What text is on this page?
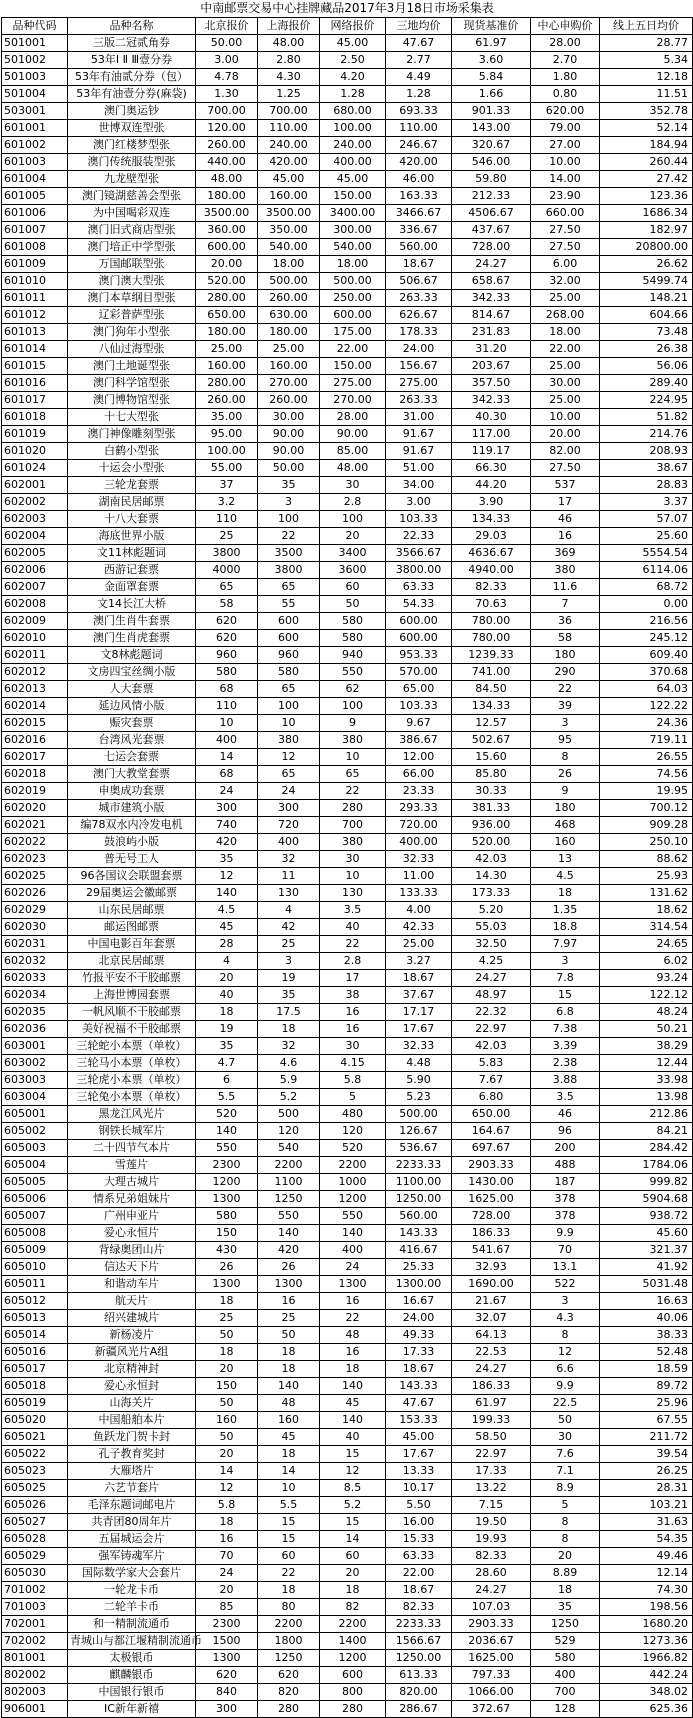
中南邮票交易中心挂牌藏品2017年3月18日市场采集表
品种代码	品种名称	北京报价	上海报价	网络报价	三地均价	现货基准价	中心申购价	线上五日均价
501001	三版二冠贰角券	50.00	48.00	45.00	47.67	61.97	28.00	28.77
501002	53年Ⅰ Ⅱ Ⅲ壹分券	3.00	2.80	2.50	2.77	3.60	2.70	5.34
501003	53年有油贰分券（包）	4.78	4.30	4.20	4.49	5.84	1.80	12.18
501004	53年有油壹分券(麻袋)	1.30	1.25	1.28	1.28	1.66	0.80	11.51
503001	澳门奥运钞	700.00	700.00	680.00	693.33	901.33	620.00	352.78
601001	世博双连型张	120.00	110.00	100.00	110.00	143.00	79.00	52.14
601002	澳门红楼梦型张	260.00	240.00	240.00	246.67	320.67	27.00	184.94
601003	澳门传统服装型张	440.00	420.00	400.00	420.00	546.00	10.00	260.44
601004	九龙壁型张	48.00	45.00	45.00	46.00	59.80	14.00	27.42
601005	澳门镜湖慈善会型张	180.00	160.00	150.00	163.33	212.33	23.90	123.36
601006	为中国喝彩双连	3500.00	3500.00	3400.00	3466.67	4506.67	660.00	1686.34
601007	澳门旧式商店型张	360.00	350.00	300.00	336.67	437.67	27.50	182.97
601008	澳门培正中学型张	600.00	540.00	540.00	560.00	728.00	27.50	20800.00
601009	万国邮联型张	20.00	18.00	18.00	18.67	24.27	6.00	26.62
601010	澳门澳大型张	520.00	500.00	500.00	506.67	658.67	32.00	5499.74
601011	澳门本草纲目型张	280.00	260.00	250.00	263.33	342.33	25.00	148.21
601012	辽彩普萨型张	650.00	630.00	600.00	626.67	814.67	268.00	604.66
601013	澳门狗年小型张	180.00	180.00	175.00	178.33	231.83	18.00	73.48
601014	八仙过海型张	25.00	25.00	22.00	24.00	31.20	22.00	26.38
601015	澳门土地诞型张	160.00	160.00	150.00	156.67	203.67	25.00	56.06
601016	澳门科学馆型张	280.00	270.00	275.00	275.00	357.50	30.00	289.40
601017	澳门博物馆型张	260.00	260.00	270.00	263.33	342.33	25.00	224.95
601018	十七大型张	35.00	30.00	28.00	31.00	40.30	10.00	51.82
601019	澳门神像雕刻型张	95.00	90.00	90.00	91.67	117.00	20.00	214.76
601020	白鹤小型张	100.00	90.00	85.00	91.67	119.17	82.00	208.93
601024	十运会小型张	55.00	50.00	48.00	51.00	66.30	27.50	38.67
602001	三轮龙套票	37	35	30	34.00	44.20	537	28.83
602002	湖南民居邮票	3.2	3	2.8	3.00	3.90	17	3.37
602003	十八大套票	110	100	100	103.33	134.33	46	57.07
602004	海底世界小版	25	22	20	22.33	29.03	16	25.60
602005	文11林彪题词	3800	3500	3400	3566.67	4636.67	369	5554.54
602006	西游记套票	4000	3800	3600	3800.00	4940.00	380	6114.06
602007	金面罩套票	65	65	60	63.33	82.33	11.6	68.72
602008	文14长江大桥	58	55	50	54.33	70.63	7	0.00
602009	澳门生肖牛套票	620	600	580	600.00	780.00	36	216.56
602010	澳门生肖虎套票	620	600	580	600.00	780.00	58	245.12
602011	文8林彪题词	960	960	940	953.33	1239.33	180	609.40
602012	文房四宝丝绸小版	580	580	550	570.00	741.00	290	370.68
602013	人大套票	68	65	62	65.00	84.50	22	64.03
602014	延边风情小版	110	100	100	103.33	134.33	39	122.22
602015	赈灾套票	10	10	9	9.67	12.57	3	24.36
602016	台湾风光套票	400	380	380	386.67	502.67	95	719.11
602017	七运会套票	14	12	10	12.00	15.60	8	26.55
602018	澳门大教堂套票	68	65	65	66.00	85.80	26	74.56
602019	申奥成功套票	24	24	22	23.33	30.33	9	19.95
602020	城市建筑小版	300	300	280	293.33	381.33	180	700.12
602021	编78双水内冷发电机	740	720	700	720.00	936.00	468	909.28
602022	鼓浪屿小版	420	400	380	400.00	520.00	160	250.10
602023	普无号工人	35	32	30	32.33	42.03	13	88.62
602025	96各国议会联盟套票	12	11	10	11.00	14.30	4.5	25.93
602026	29届奥运会徽邮票	140	130	130	133.33	173.33	18	131.62
602029	山东民居邮票	4.5	4	3.5	4.00	5.20	1.35	18.62
602030	邮运图邮票	45	42	40	42.33	55.03	18.8	314.54
602031	中国电影百年套票	28	25	22	25.00	32.50	7.97	24.65
602032	北京民居邮票	4	3	2.8	3.27	4.25	3	6.02
602033	竹报平安不干胶邮票	20	19	17	18.67	24.27	7.8	93.24
602034	上海世博园套票	40	35	38	37.67	48.97	15	122.12
602035	一帆风顺不干胶邮票	18	17.5	16	17.17	22.32	6.8	48.24
602036	美好祝福不干胶邮票	19	18	16	17.67	22.97	7.38	50.21
603001	三轮蛇小本票（单枚）	35	32	30	32.33	42.03	3.39	38.29
603002	三轮马小本票（单枚）	4.7	4.6	4.15	4.48	5.83	2.38	12.44
603003	三轮虎小本票（单枚）	6	5.9	5.8	5.90	7.67	3.88	33.98
603004	三轮兔小本票（单枚）	5.5	5.2	5	5.23	6.80	3.5	13.98
605001	黑龙江风光片	520	500	480	500.00	650.00	46	212.86
605002	钢铁长城军片	140	120	120	126.67	164.67	96	84.21
605003	二十四节气本片	550	540	520	536.67	697.67	200	284.42
605004	雪莲片	2300	2200	2200	2233.33	2903.33	488	1784.06
605005	大理古城片	1200	1100	1000	1100.00	1430.00	187	999.82
605006	情系兄弟姐妹片	1300	1250	1200	1250.00	1625.00	378	5904.68
605007	广州申亚片	580	550	550	560.00	728.00	378	938.72
605008	爱心永恒片	150	140	140	143.33	186.33	9.9	45.60
605009	背绿奥团山片	430	420	400	416.67	541.67	70	321.37
605010	信达天下片	26	26	24	25.33	32.93	13.1	41.92
605011	和谐动车片	1300	1300	1300	1300.00	1690.00	522	5031.48
605012	航天片	18	16	16	16.67	21.67	3	16.63
605013	绍兴建城片	25	25	22	24.00	32.07	4.3	40.06
605014	新杨凌片	50	50	48	49.33	64.13	8	38.33
605016	新疆风光片A组	18	18	16	17.33	22.53	12	52.48
605017	北京精神封	20	18	18	18.67	24.27	6.6	18.59
605018	爱心永恒封	150	140	140	143.33	186.33	9.9	89.72
605019	山海关片	50	48	45	47.67	61.97	22.5	25.96
605020	中国船舶本片	160	160	140	153.33	199.33	50	67.55
605021	鱼跃龙门贺卡封	50	45	40	45.00	58.50	30	211.72
605022	孔子教育奖封	20	18	15	17.67	22.97	7.6	39.54
605023	大雁塔片	14	14	12	13.33	17.33	7.1	26.25
605025	六艺节套片	12	10	8.5	10.17	13.22	8.9	28.31
605026	毛泽东题词邮电片	5.8	5.5	5.2	5.50	7.15	5	103.21
605027	共青团80周年片	18	15	15	16.00	19.50	8	31.63
605028	五届城运会片	16	15	14	15.33	19.93	8	54.35
605029	强军铸魂军片	70	60	60	63.33	82.33	20	49.46
605030	国际数学家大会套片	24	22	20	22.00	28.60	8.89	12.14
701002	一轮龙卡币	20	18	18	18.67	24.27	18	74.30
701003	二轮羊卡币	85	80	82	82.33	107.03	35	198.56
702001	和一精制流通币	2300	2200	2200	2233.33	2903.33	1250	1680.20
702002	青城山与都江堰精制流通币	1500	1800	1400	1566.67	2036.67	529	1273.36
801001	太极银币	1300	1250	1200	1250.00	1625.00	580	1966.82
802002	麒麟银币	620	620	600	613.33	797.33	400	442.24
802003	中国银行银币	840	820	800	820.00	1066.00	700	348.02
906001	IC新年新禧	300	280	280	286.67	372.67	128	625.36
